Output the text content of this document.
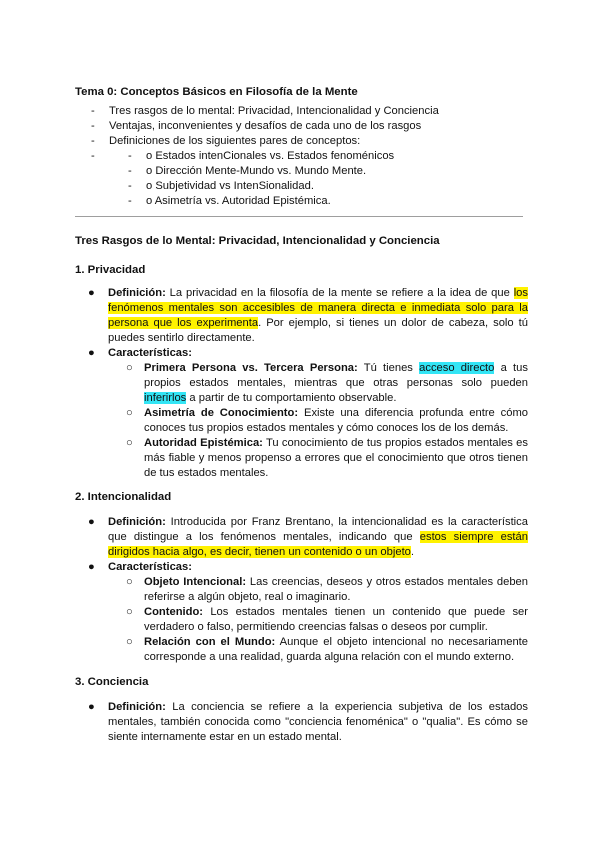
Tema 0: Conceptos Básicos en Filosofía de la Mente
- Tres rasgos de lo mental: Privacidad, Intencionalidad y Conciencia
- Ventajas, inconvenientes y desafíos de cada uno de los rasgos
- Definiciones de los siguientes pares de conceptos:
- - o Estados intenCionales vs. Estados fenoménicos
- o Dirección Mente-Mundo vs. Mundo Mente.
- o Subjetividad vs IntenSionalidad.
- o Asimetría vs. Autoridad Epistémica.
Tres Rasgos de lo Mental: Privacidad, Intencionalidad y Conciencia
1. Privacidad
● Definición: La privacidad en la filosofía de la mente se refiere a la idea de que los fenómenos mentales son accesibles de manera directa e inmediata solo para la persona que los experimenta. Por ejemplo, si tienes un dolor de cabeza, solo tú puedes sentirlo directamente.
● Características:
○ Primera Persona vs. Tercera Persona: Tú tienes acceso directo a tus propios estados mentales, mientras que otras personas solo pueden inferirlos a partir de tu comportamiento observable.
○ Asimetría de Conocimiento: Existe una diferencia profunda entre cómo conoces tus propios estados mentales y cómo conoces los de los demás.
○ Autoridad Epistémica: Tu conocimiento de tus propios estados mentales es más fiable y menos propenso a errores que el conocimiento que otros tienen de tus estados mentales.
2. Intencionalidad
● Definición: Introducida por Franz Brentano, la intencionalidad es la característica que distingue a los fenómenos mentales, indicando que estos siempre están dirigidos hacia algo, es decir, tienen un contenido o un objeto.
● Características:
○ Objeto Intencional: Las creencias, deseos y otros estados mentales deben referirse a algún objeto, real o imaginario.
○ Contenido: Los estados mentales tienen un contenido que puede ser verdadero o falso, permitiendo creencias falsas o deseos por cumplir.
○ Relación con el Mundo: Aunque el objeto intencional no necesariamente corresponde a una realidad, guarda alguna relación con el mundo externo.
3. Conciencia
● Definición: La conciencia se refiere a la experiencia subjetiva de los estados mentales, también conocida como "conciencia fenoménica" o "qualia". Es cómo se siente internamente estar en un estado mental.
